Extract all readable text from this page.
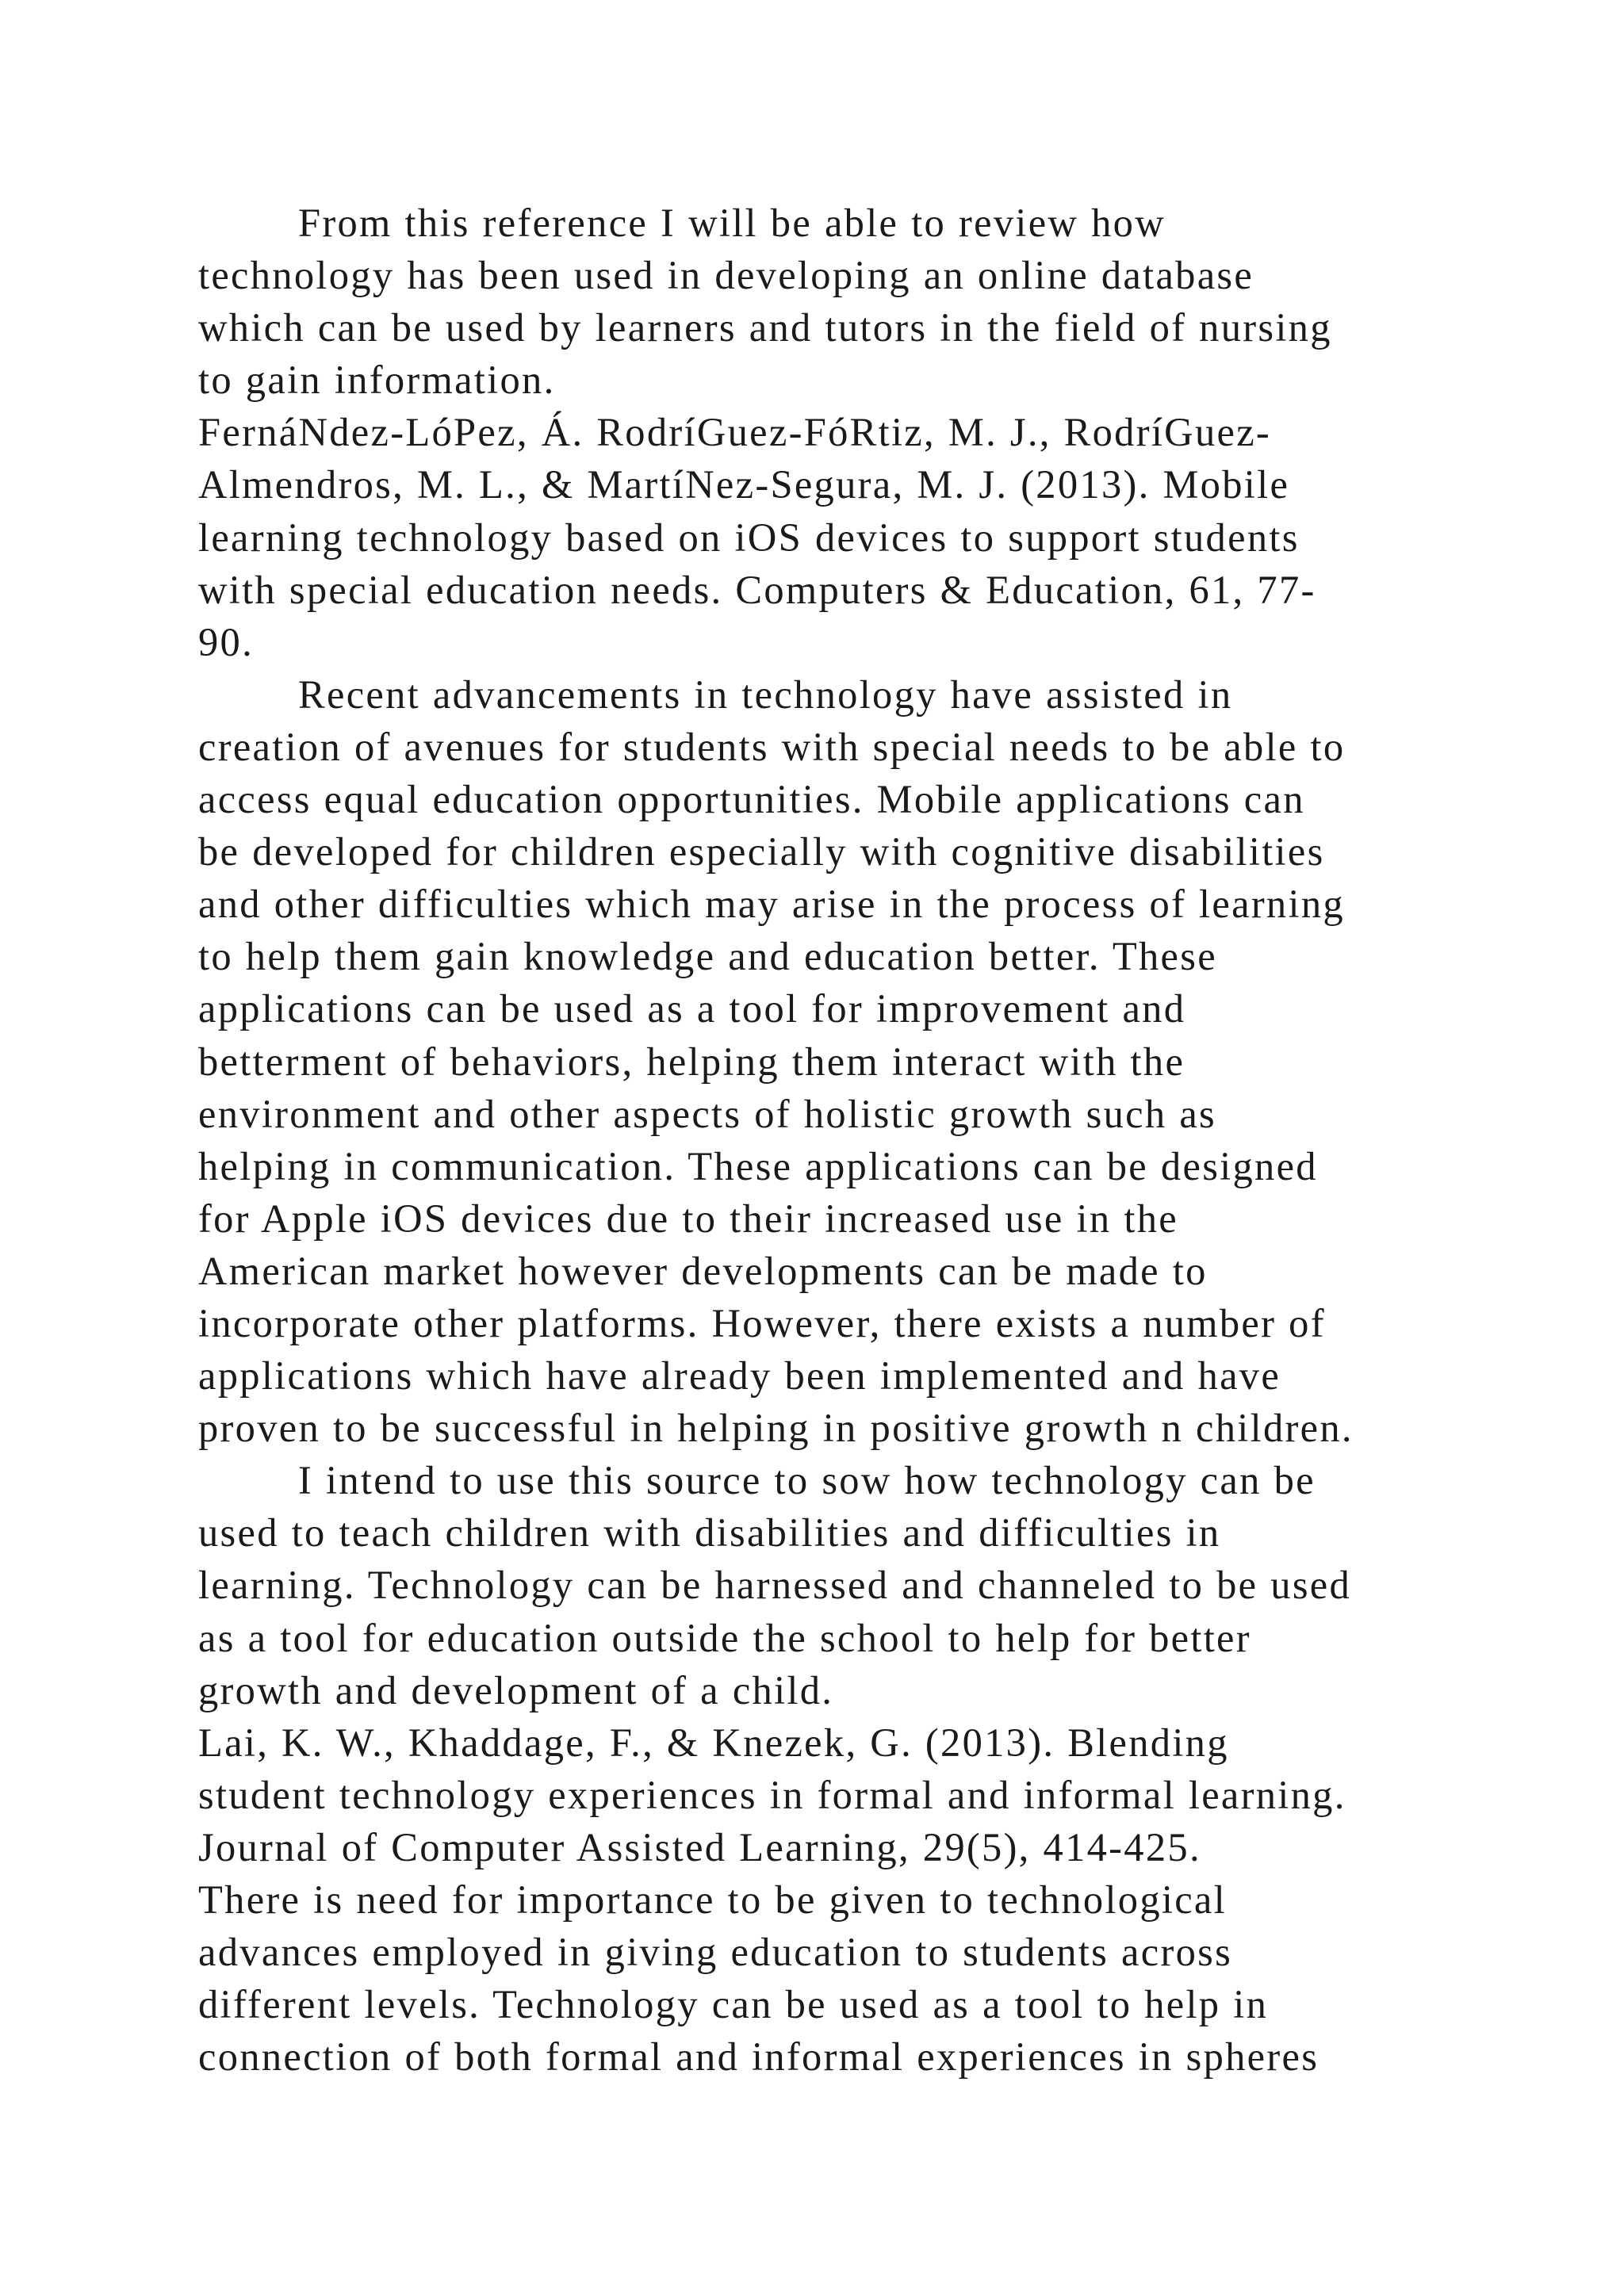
From this reference I will be able to review how
technology has been used in developing an online database
which can be used by learners and tutors in the field of nursing
to gain information.
FernáNdez-LóPez, Á. RodríGuez-FóRtiz, M. J., RodríGuez-
Almendros, M. L., & MartíNez-Segura, M. J. (2013). Mobile
learning technology based on iOS devices to support students
with special education needs. Computers & Education, 61, 77-
90.
Recent advancements in technology have assisted in
creation of avenues for students with special needs to be able to
access equal education opportunities. Mobile applications can
be developed for children especially with cognitive disabilities
and other difficulties which may arise in the process of learning
to help them gain knowledge and education better. These
applications can be used as a tool for improvement and
betterment of behaviors, helping them interact with the
environment and other aspects of holistic growth such as
helping in communication. These applications can be designed
for Apple iOS devices due to their increased use in the
American market however developments can be made to
incorporate other platforms. However, there exists a number of
applications which have already been implemented and have
proven to be successful in helping in positive growth n children.
I intend to use this source to sow how technology can be
used to teach children with disabilities and difficulties in
learning. Technology can be harnessed and channeled to be used
as a tool for education outside the school to help for better
growth and development of a child.
Lai, K. W., Khaddage, F., & Knezek, G. (2013). Blending
student technology experiences in formal and informal learning.
Journal of Computer Assisted Learning, 29(5), 414-425.
There is need for importance to be given to technological
advances employed in giving education to students across
different levels. Technology can be used as a tool to help in
connection of both formal and informal experiences in spheres
